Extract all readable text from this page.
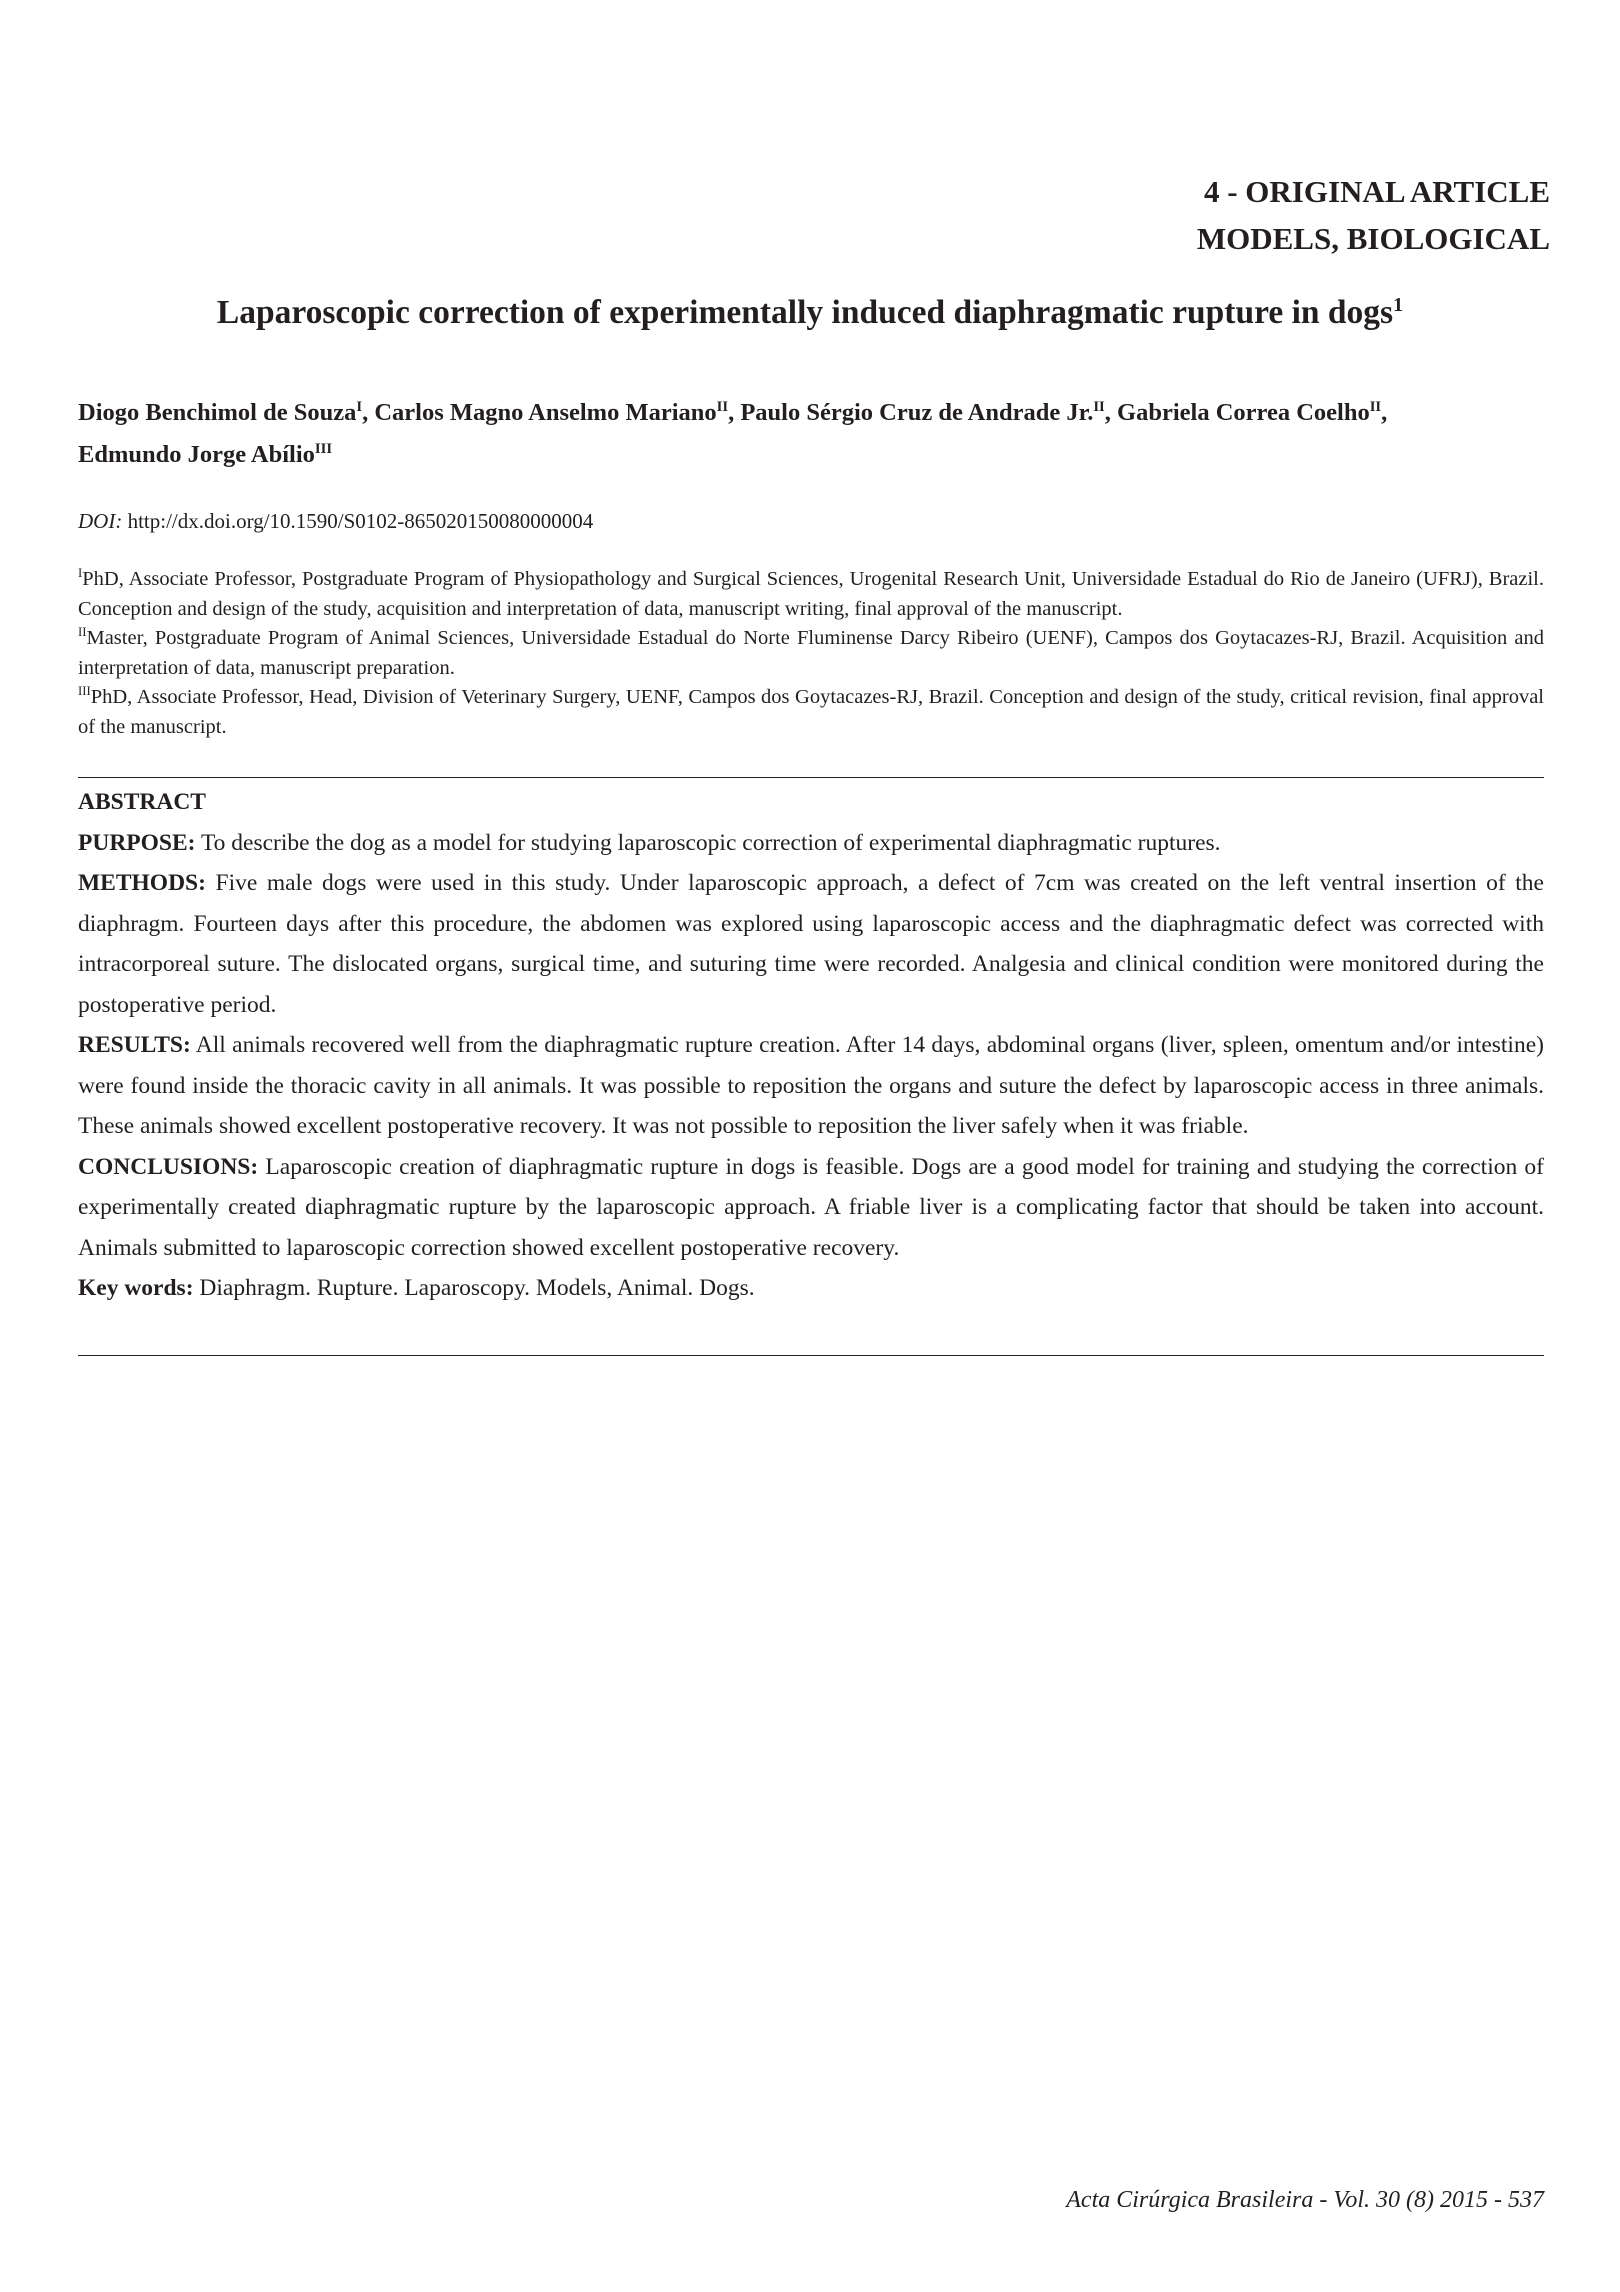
4 - ORIGINAL ARTICLE
MODELS, BIOLOGICAL
Laparoscopic correction of experimentally induced diaphragmatic rupture in dogs$^1$
Diogo Benchimol de Souza$^I$, Carlos Magno Anselmo Mariano$^{II}$, Paulo Sérgio Cruz de Andrade Jr.$^{II}$, Gabriela Correa Coelho$^{II}$,
Edmundo Jorge Abílio$^{III}$
DOI: http://dx.doi.org/10.1590/S0102-865020150080000004

$^I$PhD, Associate Professor, Postgraduate Program of Physiopathology and Surgical Sciences, Urogenital Research Unit, Universidade Estadual do Rio de Janeiro (UFRJ), Brazil. Conception and design of the study, acquisition and interpretation of data, manuscript writing, final approval of the manuscript.

$^{II}$Master, Postgraduate Program of Animal Sciences, Universidade Estadual do Norte Fluminense Darcy Ribeiro (UENF), Campos dos Goytacazes-RJ, Brazil. Acquisition and interpretation of data, manuscript preparation.

$^{III}$PhD, Associate Professor, Head, Division of Veterinary Surgery, UENF, Campos dos Goytacazes-RJ, Brazil. Conception and design of the study, critical revision, final approval of the manuscript.

ABSTRACT

PURPOSE: To describe the dog as a model for studying laparoscopic correction of experimental diaphragmatic ruptures.

METHODS: Five male dogs were used in this study. Under laparoscopic approach, a defect of 7cm was created on the left ventral insertion of the diaphragm. Fourteen days after this procedure, the abdomen was explored using laparoscopic access and the diaphragmatic defect was corrected with intracorporeal suture. The dislocated organs, surgical time, and suturing time were recorded. Analgesia and clinical condition were monitored during the postoperative period.

RESULTS: All animals recovered well from the diaphragmatic rupture creation. After 14 days, abdominal organs (liver, spleen, omentum and/or intestine) were found inside the thoracic cavity in all animals. It was possible to reposition the organs and suture the defect by laparoscopic access in three animals. These animals showed excellent postoperative recovery. It was not possible to reposition the liver safely when it was friable.

CONCLUSIONS: Laparoscopic creation of diaphragmatic rupture in dogs is feasible. Dogs are a good model for training and studying the correction of experimentally created diaphragmatic rupture by the laparoscopic approach. A friable liver is a complicating factor that should be taken into account. Animals submitted to laparoscopic correction showed excellent postoperative recovery.

Key words: Diaphragm. Rupture. Laparoscopy. Models, Animal. Dogs.

Acta Cirúrgica Brasileira - Vol. 30 (8) 2015 - 537
